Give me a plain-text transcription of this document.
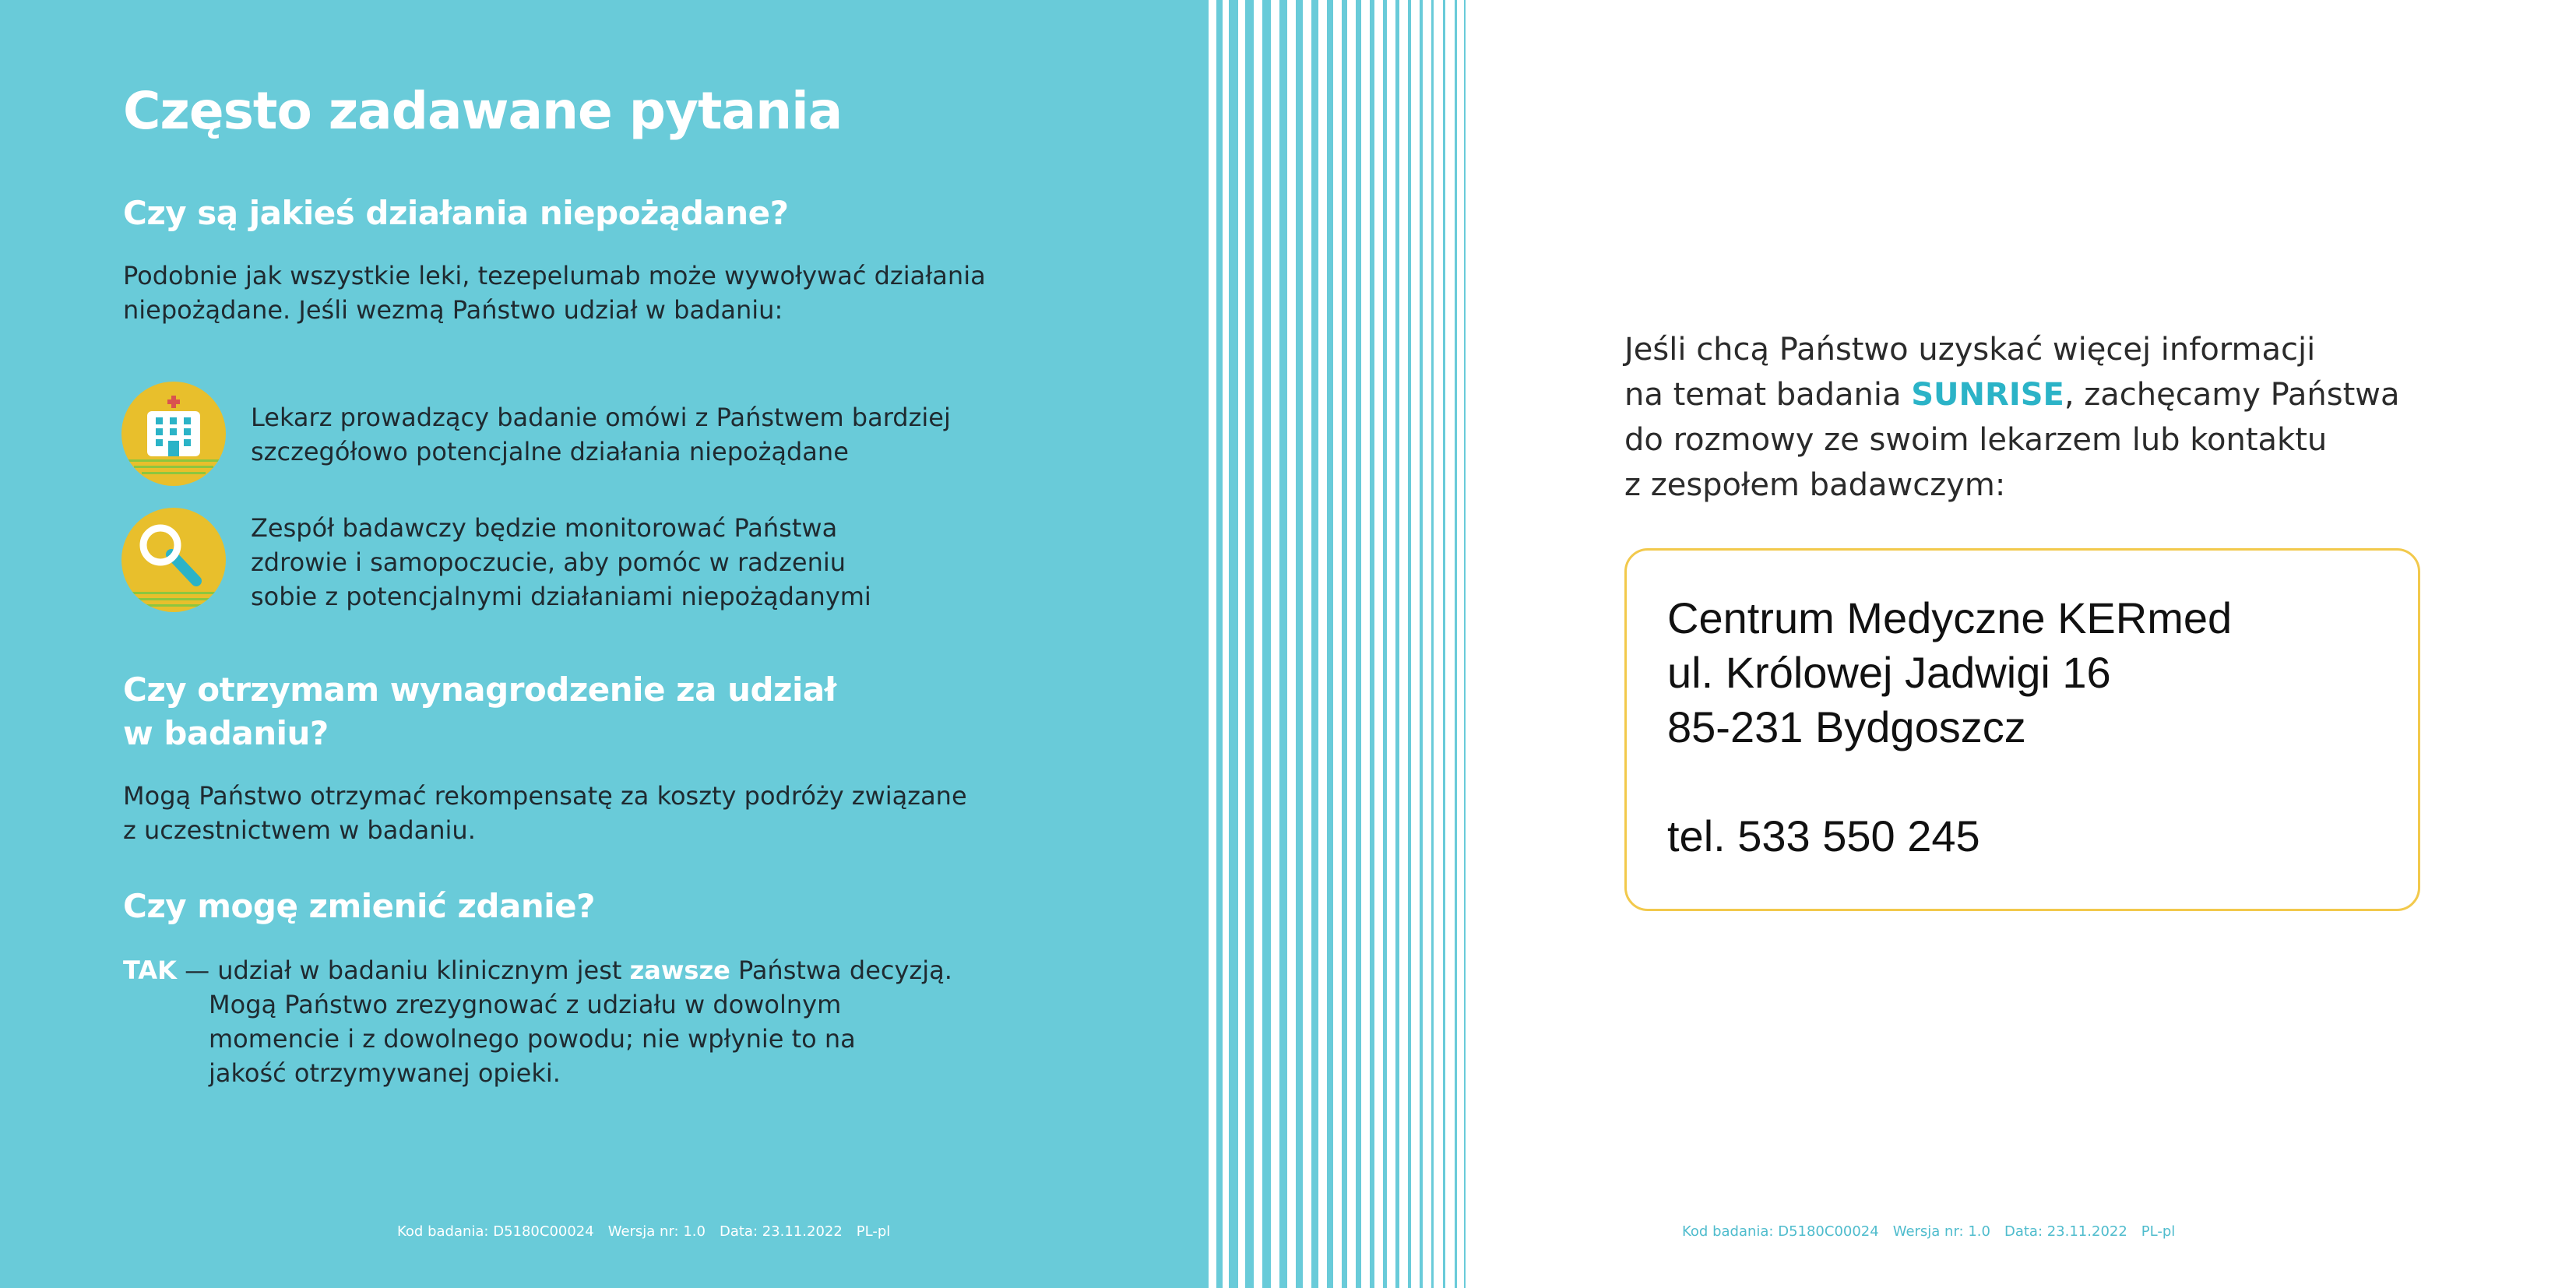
Często zadawane pytania
Czy są jakieś działania niepożądane?

Podobnie jak wszystkie leki, tezepelumab może wywoływać działania

niepożądane. Jeśli wezmą Państwo udział w badaniu:

Lekarz prowadzący badanie omówi z Państwem bardziej

szczegółowo potencjalne działania niepożądane

Zespół badawczy będzie monitorować Państwa

zdrowie i samopoczucie, aby pomóc w radzeniu

sobie z potencjalnymi działaniami niepożądanymi

Czy otrzymam wynagrodzenie za udział
w badaniu?

Mogą Państwo otrzymać rekompensatę za koszty podróży związane

z uczestnictwem w badaniu.

Czy mogę zmienić zdanie?

TAK — udział w badaniu klinicznym jest zawsze Państwa decyzją.

Mogą Państwo zrezygnować z udziału w dowolnym

momencie i z dowolnego powodu; nie wpłynie to na

jakość otrzymywanej opieki.

Kod badania: D5180C00024 Wersja nr: 1.0 Data: 23.11.2022 PL-pl

Jeśli chcą Państwo uzyskać więcej informacji
na temat badania SUNRISE, zachęcamy Państwa
do rozmowy ze swoim lekarzem lub kontaktu
z zespołem badawczym:

Centrum Medyczne KERmed

ul. Królowej Jadwigi 16

85-231 Bydgoszcz

tel. 533 550 245

Kod badania: D5180C00024 Wersja nr: 1.0 Data: 23.11.2022 PL-pl
